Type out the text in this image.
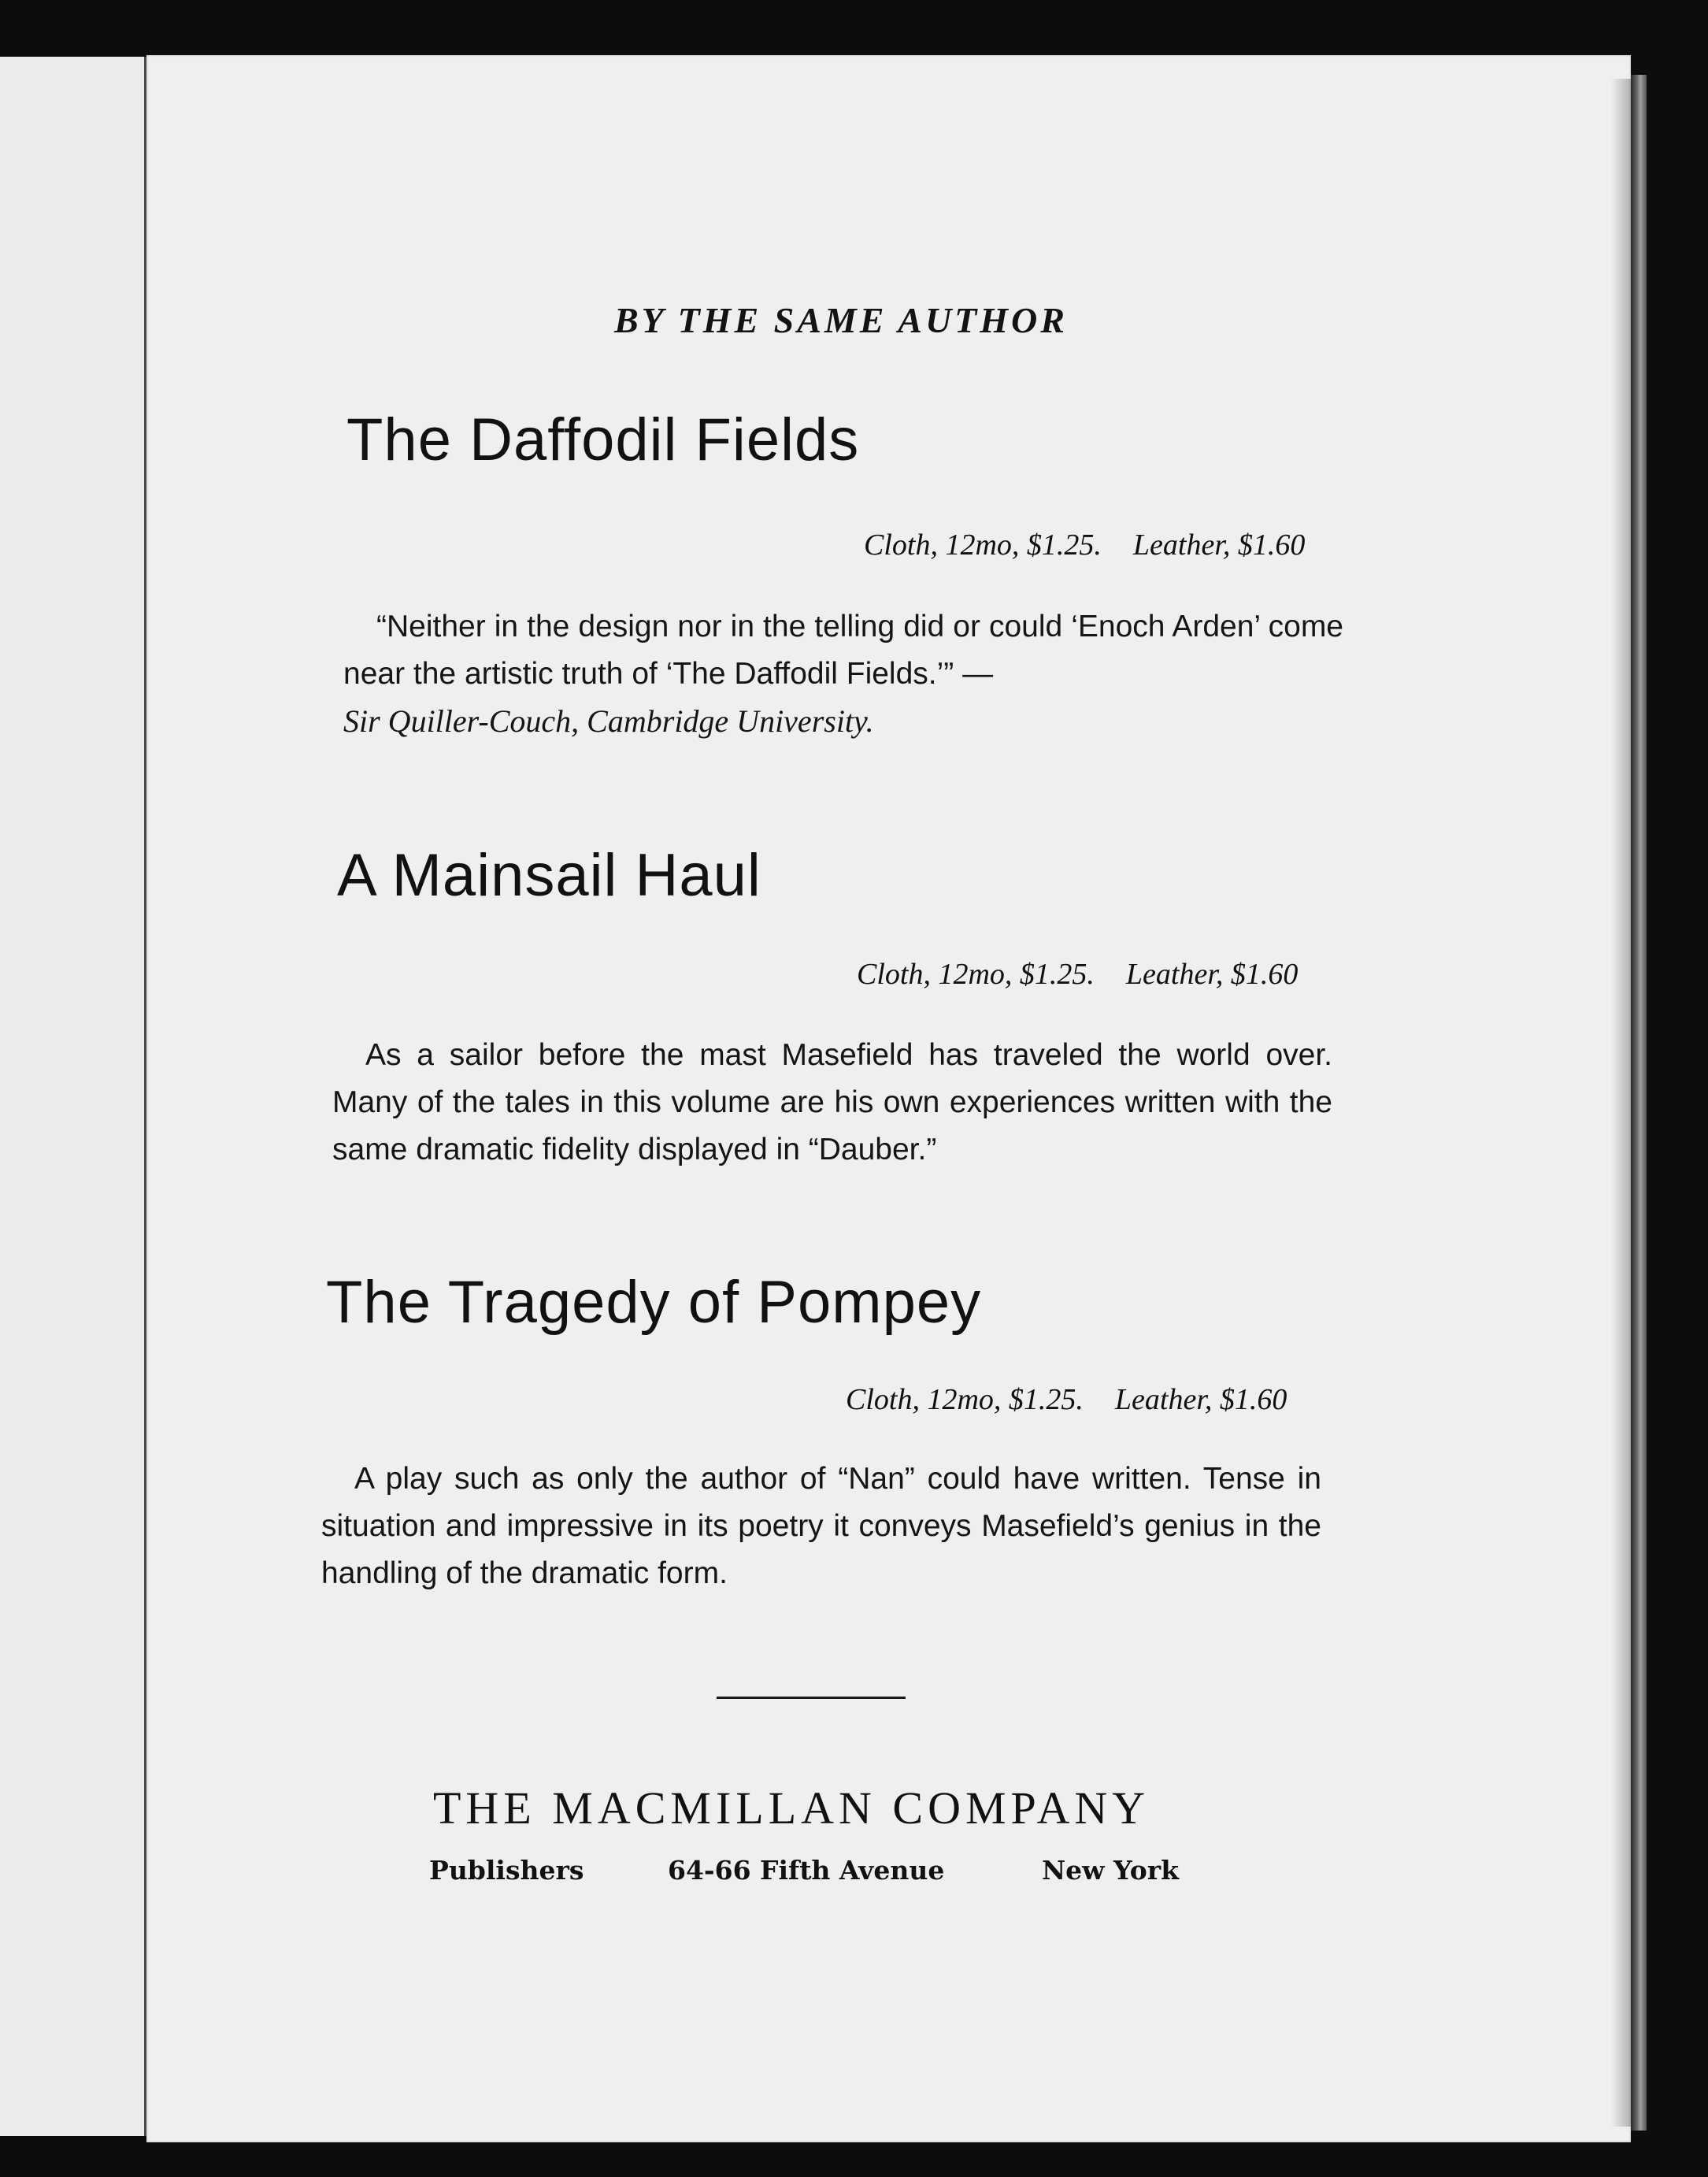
BY THE SAME AUTHOR
The Daffodil Fields
Cloth, 12mo, $1.25. Leather, $1.60

“Neither in the design nor in the telling did or could ‘Enoch Arden’ come near the artistic truth of ‘The Daffodil Fields.’” —

Sir Quiller-Couch, Cambridge University.

A Mainsail Haul
Cloth, 12mo, $1.25. Leather, $1.60

As a sailor before the mast Masefield has traveled the world over. Many of the tales in this volume are his own experiences written with the same dramatic fidelity displayed in “Dauber.”

The Tragedy of Pompey
Cloth, 12mo, $1.25. Leather, $1.60

A play such as only the author of “Nan” could have written. Tense in situation and impressive in its poetry it conveys Masefield’s genius in the handling of the dramatic form.

THE MACMILLAN COMPANY
Publishers	64-66 Fifth Avenue	New York
